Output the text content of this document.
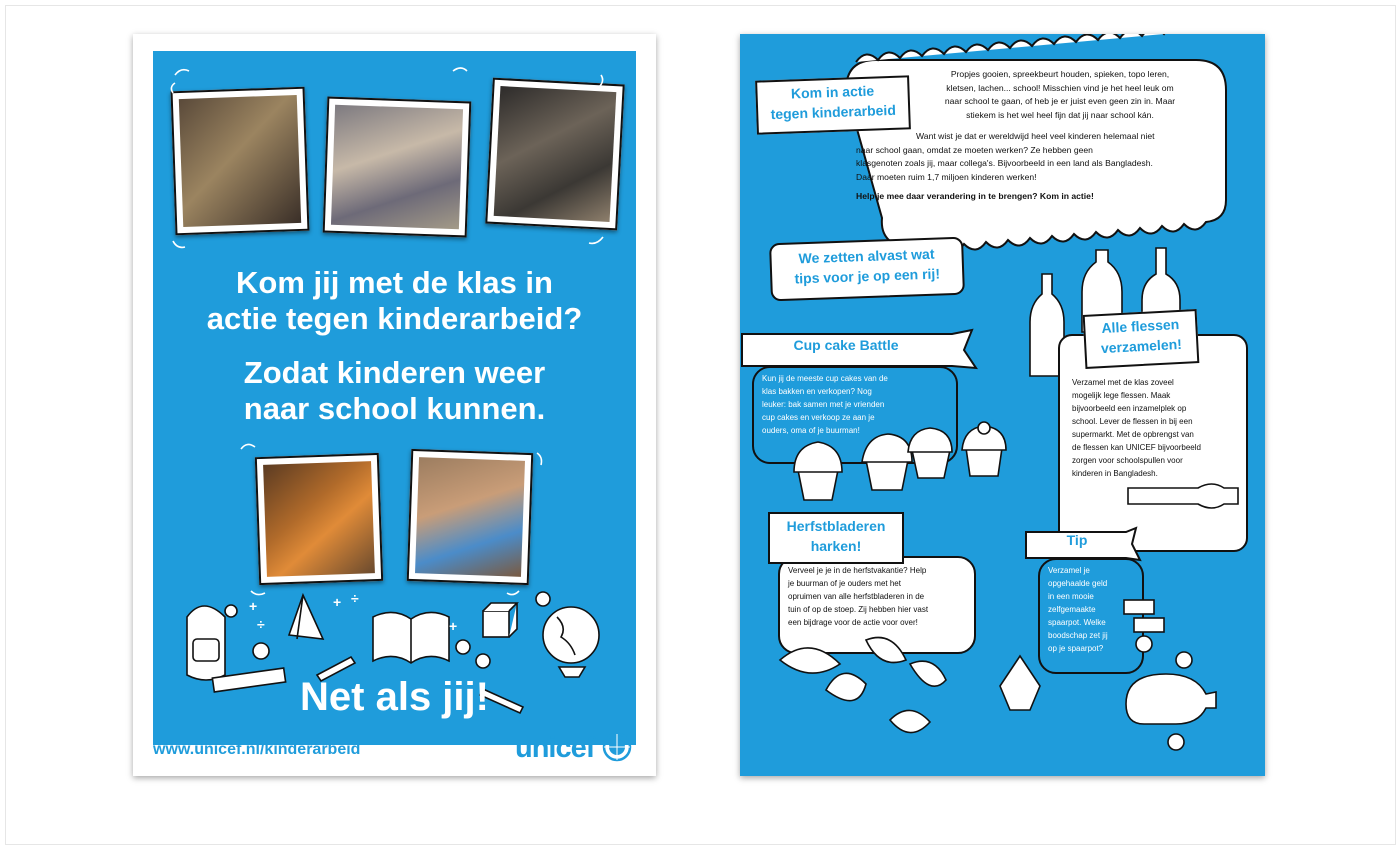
Kom jij met de klas in
actie tegen kinderarbeid?
Zodat kinderen weer
naar school kunnen.
+
÷
+ ÷
+
Net als jij!
www.unicef.nl/kinderarbeid	unicef
Kom in actie
tegen kinderarbeid
Propjes gooien, spreekbeurt houden, spieken, topo leren,
kletsen, lachen... school! Misschien vind je het heel leuk om
naar school te gaan, of heb je er juist even geen zin in. Maar
stiekem is het wel heel fijn dat jij naar school kán.
Want wist je dat er wereldwijd heel veel kinderen helemaal niet
naar school gaan, omdat ze moeten werken? Ze hebben geen
klasgenoten zoals jij, maar collega's. Bijvoorbeeld in een land als Bangladesh.
Daar moeten ruim 1,7 miljoen kinderen werken!
Help je mee daar verandering in te brengen? Kom in actie!
We zetten alvast wat
tips voor je op een rij!
Kun jij de meeste cup cakes van de
klas bakken en verkopen? Nog
leuker: bak samen met je vrienden
cup cakes en verkoop ze aan je
ouders, oma of je buurman!
Cup cake Battle
Verzamel met de klas zoveel
mogelijk lege flessen. Maak
bijvoorbeeld een inzamelplek op
school. Lever de flessen in bij een
supermarkt. Met de opbrengst van
de flessen kan UNICEF bijvoorbeeld
zorgen voor schoolspullen voor
kinderen in Bangladesh.
Alle flessen
verzamelen!
Verveel je je in de herfstvakantie? Help
je buurman of je ouders met het
opruimen van alle herfstbladeren in de
tuin of op de stoep. Zij hebben hier vast
een bijdrage voor de actie voor over!
Herfstbladeren
harken!
Verzamel je
opgehaalde geld
in een mooie
zelfgemaakte
spaarpot. Welke
boodschap zet jij
op je spaarpot?
Tip
